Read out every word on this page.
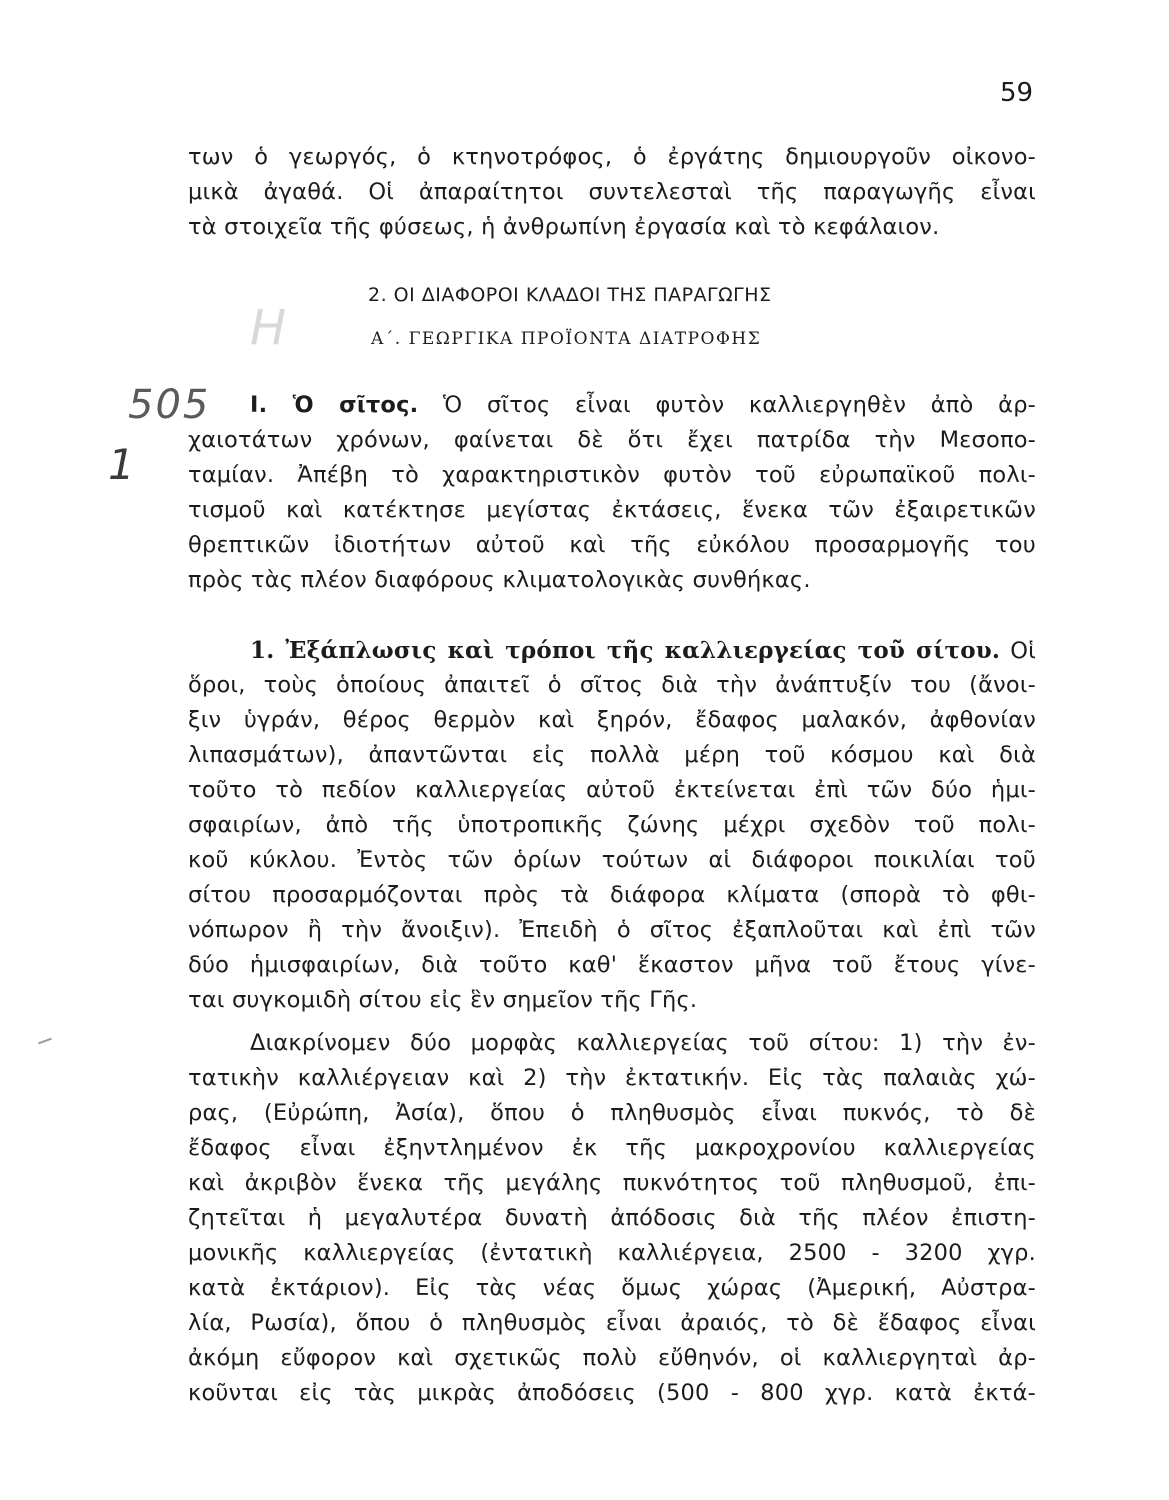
59
των ὁ γεωργός, ὁ κτηνοτρόφος, ὁ ἐργάτης δημιουργοῦν οἰκονο-
μικὰ ἀγαθά. Οἱ ἀπαραίτητοι συντελεσταὶ τῆς παραγωγῆς εἶναι
τὰ στοιχεῖα τῆς φύσεως, ἡ ἀνθρωπίνη ἐργασία καὶ τὸ κεφάλαιον.
2. ΟΙ ΔΙΑΦΟΡΟΙ ΚΛΑΔΟΙ ΤΗΣ ΠΑΡΑΓΩΓΗΣ
Α΄. ΓΕΩΡΓΙΚΑ ΠΡΟΪΟΝΤΑ ΔΙΑΤΡΟΦΗΣ
505
1
Η
Ι. Ὁ σῖτος. Ὁ σῖτος εἶναι φυτὸν καλλιεργηθὲν ἀπὸ ἀρ-
χαιοτάτων χρόνων, φαίνεται δὲ ὅτι ἔχει πατρίδα τὴν Μεσοπο-
ταμίαν. Ἀπέβη τὸ χαρακτηριστικὸν φυτὸν τοῦ εὐρωπαϊκοῦ πολι-
τισμοῦ καὶ κατέκτησε μεγίστας ἐκτάσεις, ἕνεκα τῶν ἐξαιρετικῶν
θρεπτικῶν ἰδιοτήτων αὐτοῦ καὶ τῆς εὐκόλου προσαρμογῆς του
πρὸς τὰς πλέον διαφόρους κλιματολογικὰς συνθήκας.
1. Ἐξάπλωσις καὶ τρόποι τῆς καλλιεργείας τοῦ σίτου. Οἱ
ὅροι, τοὺς ὁποίους ἀπαιτεῖ ὁ σῖτος διὰ τὴν ἀνάπτυξίν του (ἄνοι-
ξιν ὑγράν, θέρος θερμὸν καὶ ξηρόν, ἔδαφος μαλακόν, ἀφθονίαν
λιπασμάτων), ἀπαντῶνται εἰς πολλὰ μέρη τοῦ κόσμου καὶ διὰ
τοῦτο τὸ πεδίον καλλιεργείας αὐτοῦ ἐκτείνεται ἐπὶ τῶν δύο ἡμι-
σφαιρίων, ἀπὸ τῆς ὑποτροπικῆς ζώνης μέχρι σχεδὸν τοῦ πολι-
κοῦ κύκλου. Ἐντὸς τῶν ὁρίων τούτων αἱ διάφοροι ποικιλίαι τοῦ
σίτου προσαρμόζονται πρὸς τὰ διάφορα κλίματα (σπορὰ τὸ φθι-
νόπωρον ἢ τὴν ἄνοιξιν). Ἐπειδὴ ὁ σῖτος ἐξαπλοῦται καὶ ἐπὶ τῶν
δύο ἡμισφαιρίων, διὰ τοῦτο καθ' ἕκαστον μῆνα τοῦ ἔτους γίνε-
ται συγκομιδὴ σίτου εἰς ἓν σημεῖον τῆς Γῆς.
Διακρίνομεν δύο μορφὰς καλλιεργείας τοῦ σίτου: 1) τὴν ἐν-
τατικὴν καλλιέργειαν καὶ 2) τὴν ἐκτατικήν. Εἰς τὰς παλαιὰς χώ-
ρας, (Εὐρώπη, Ἀσία), ὅπου ὁ πληθυσμὸς εἶναι πυκνός, τὸ δὲ
ἔδαφος εἶναι ἐξηντλημένον ἐκ τῆς μακροχρονίου καλλιεργείας
καὶ ἀκριβὸν ἕνεκα τῆς μεγάλης πυκνότητος τοῦ πληθυσμοῦ, ἐπι-
ζητεῖται ἡ μεγαλυτέρα δυνατὴ ἀπόδοσις διὰ τῆς πλέον ἐπιστη-
μονικῆς καλλιεργείας (ἐντατικὴ καλλιέργεια, 2500 - 3200 χγρ.
κατὰ ἐκτάριον). Εἰς τὰς νέας ὅμως χώρας (Ἀμερική, Αὐστρα-
λία, Ρωσία), ὅπου ὁ πληθυσμὸς εἶναι ἀραιός, τὸ δὲ ἔδαφος εἶναι
ἀκόμη εὔφορον καὶ σχετικῶς πολὺ εὔθηνόν, οἱ καλλιεργηταὶ ἀρ-
κοῦνται εἰς τὰς μικρὰς ἀποδόσεις (500 - 800 χγρ. κατὰ ἐκτά-
